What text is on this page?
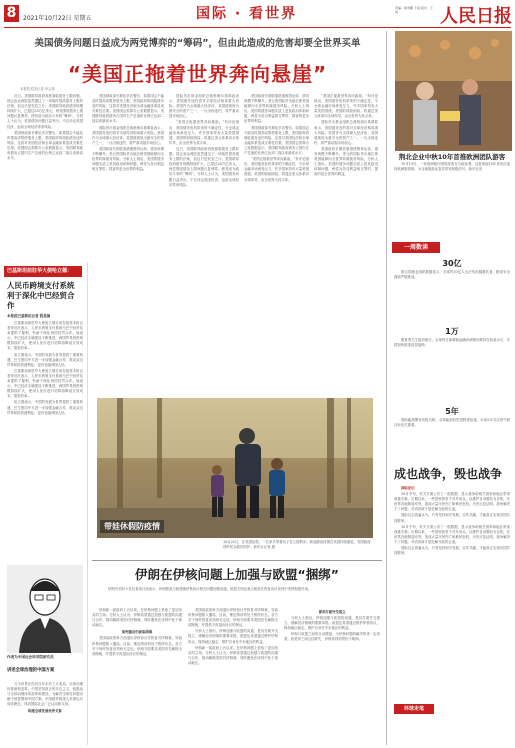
8	2021年10月22日 星期五	国际 · 看世界	责编：柴雪鹏 王雨 版式：王雨	人民日报
美国债务问题日益成为两党博弈的“筹码”，但由此造成的危害却要全世界买单
“美国正拖着世界奔向悬崖”
本报驻美国记者 李志伟

近日，美国联邦政府再度面临债务上限问题。国会参众两院虽然通过了一项临时提高债务上限的法案，但这只是权宜之计。美国联邦政府债务规模持续扩大，已超过28万亿美元。两党围绕债务上限问题反复博弈，使其成为政治斗争的“筹码”。分析人士认为，美国债务问题日益突出，不仅冲击美国经济，也给全球经济带来风险。

美国财政部长耶伦多次警告，如果国会不能及时提高或暂停债务上限，美国政府将面临债务违约风险，这将对美国经济和全球金融体系造成灾难性后果。美国国会预算办公室数据显示，美国联邦政府债务占国内生产总值的比例已达到二战以来最高水平。

美国财政部长耶伦多次警告，如果国会不能及时提高或暂停债务上限，美国政府将面临债务违约风险，这将对美国经济和全球金融体系造成灾难性后果。美国国会预算办公室数据显示，美国联邦政府债务占国内生产总值的比例已达到二战以来最高水平。

国际货币基金组织总裁格奥尔基耶娃表示，美国债务违约将对全球经济构成重大风险。美国作为全球最大经济体，其国债被视为最安全的资产之一，一旦出现违约，将严重动摇市场信心。

美国政府长期依靠借债维持运转，债务规模不断攀升。美元的国际货币地位使美国能够向全世界转嫁债务风险。分析人士指出，美国的债务问题实质上是其政治体制问题，两党为各自利益相互掣肘，损害的是全世界的利益。

国际货币基金组织总裁格奥尔基耶娃表示，美国债务违约将对全球经济构成重大风险。美国作为全球最大经济体，其国债被视为最安全的资产之一，一旦出现违约，将严重动摇市场信心。

“美国正拖着世界奔向悬崖。”有评论指出，美国债务危机带来的不确定性，令全球金融市场承受压力。许多国家持有大量美国国债，美国的财政困局，将通过美元体系向全球传导，由全世界为其买单。

近日，美国联邦政府再度面临债务上限问题。国会参众两院虽然通过了一项临时提高债务上限的法案，但这只是权宜之计。美国联邦政府债务规模持续扩大，已超过28万亿美元。两党围绕债务上限问题反复博弈，使其成为政治斗争的“筹码”。分析人士认为，美国债务问题日益突出，不仅冲击美国经济，也给全球经济带来风险。

美国政府长期依靠借债维持运转，债务规模不断攀升。美元的国际货币地位使美国能够向全世界转嫁债务风险。分析人士指出，美国的债务问题实质上是其政治体制问题，两党为各自利益相互掣肘，损害的是全世界的利益。

美国财政部长耶伦多次警告，如果国会不能及时提高或暂停债务上限，美国政府将面临债务违约风险，这将对美国经济和全球金融体系造成灾难性后果。美国国会预算办公室数据显示，美国联邦政府债务占国内生产总值的比例已达到二战以来最高水平。

“美国正拖着世界奔向悬崖。”有评论指出，美国债务危机带来的不确定性，令全球金融市场承受压力。许多国家持有大量美国国债，美国的财政困局，将通过美元体系向全球传导，由全世界为其买单。

“美国正拖着世界奔向悬崖。”有评论指出，美国债务危机带来的不确定性，令全球金融市场承受压力。许多国家持有大量美国国债，美国的财政困局，将通过美元体系向全球传导，由全世界为其买单。

国际货币基金组织总裁格奥尔基耶娃表示，美国债务违约将对全球经济构成重大风险。美国作为全球最大经济体，其国债被视为最安全的资产之一，一旦出现违约，将严重动摇市场信心。

美国政府长期依靠借债维持运转，债务规模不断攀升。美元的国际货币地位使美国能够向全世界转嫁债务风险。分析人士指出，美国的债务问题实质上是其政治体制问题，两党为各自利益相互掣肘，损害的是全世界的利益。

巴基斯坦前驻华大使哈立德：
人民币跨境支付系统利于深化中巴经贸合作
本报驻巴基斯坦记者 程是颉

巴基斯坦前驻华大使哈立德日前在接受本报记者采访时表示，人民币跨境支付系统为巴中经贸往来提供了便利，有助于深化两国经贸合作。他表示，中巴经济走廊建设不断推进，两国贸易投资规模持续扩大，使用人民币进行结算将降低交易成本，提高效率。

哈立德表示，中国的发展为世界提供了重要机遇，巴方愿同中方进一步加强金融合作，推动双边贸易和投资便利化，更好造福两国人民。

巴基斯坦前驻华大使哈立德日前在接受本报记者采访时表示，人民币跨境支付系统为巴中经贸往来提供了便利，有助于深化两国经贸合作。他表示，中巴经济走廊建设不断推进，两国贸易投资规模持续扩大，使用人民币进行结算将降低交易成本，提高效率。

哈立德表示，中国的发展为世界提供了重要机遇，巴方愿同中方进一步加强金融合作，推动双边贸易和投资便利化，更好造福两国人民。

带娃休假防疫情
10月21日，在英国伦敦，一名家长带着孩子在公园散步。新冠肺炎疫情在英国持续蔓延，英国政府呼吁民众做好防护。新华社记者 摄
荆北企业中秋10年首推欧洲团队游客

10月19日，一家欧洲旅行团的游客在当地参观。这是该地10年来首次接待欧洲旅游团，为当地旅游业复苏带来积极信号。新华社发

一周数读
30亿

联合国粮农组织数据显示，全球约30亿人无法负担健康饮食，粮食安全面临严峻挑战。

1万

据世界卫生组织统计，全球每日新增新冠确诊病例仍维持在较高水平，多国加快推进疫苗接种。

5年

国际能源署发布报告称，全球能源转型进程需加速，未来5年对实现气候目标至关重要。

成也战争，毁也战争

国际论坛

10月中旬，有关方面公布了一组数据，显示战争给相关国家和地区带来深重灾难。长期以来，一些国家热衷于对外用兵，以维护自身霸权为目的，在世界各地制造冲突，造成大量平民伤亡和难民危机。历史反复证明，战争解决不了问题，对话协商才是化解分歧的正道。

国际社会普遍认为，只有坚持和平发展、合作共赢，才能真正实现各国共同繁荣。

10月中旬，有关方面公布了一组数据，显示战争给相关国家和地区带来深重灾难。长期以来，一些国家热衷于对外用兵，以维护自身霸权为目的，在世界各地制造冲突，造成大量平民伤亡和难民危机。历史反复证明，战争解决不了问题，对话协商才是化解分歧的正道。

国际社会普遍认为，只有坚持和平发展、合作共赢，才能真正实现各国共同繁荣。

环球走笔
伊朗在伊核问题上加强与欧盟“捆绑”
伊朗外长阿卜杜拉希扬日前表示，伊朗愿意与欧盟就伊核协议相关问题加强沟通，欧盟方面也表示愿意在恢复协议谈判中发挥积极作用。

伊朗新一届政府上台以来，在伊核问题上采取了更加务实的立场。分析人士认为，伊朗希望通过加强与欧盟的沟通与合作，推动解除美国对伊制裁，同时避免在谈判中处于被动地位。

谈判重启仍面临困难

美国前政府单方面退出伊核协议并恢复对伊制裁，导致伊核问题陷入僵局。目前，维也纳谈判处于暂停状态，各方对于何时恢复谈判尚无定论。伊朗方面要求美国首先解除全部制裁，并提供不再退出协议的保证。

美国前政府单方面退出伊核协议并恢复对伊制裁，导致伊核问题陷入僵局。目前，维也纳谈判处于暂停状态，各方对于何时恢复谈判尚无定论。伊朗方面要求美国首先解除全部制裁，并提供不再退出协议的保证。

分析人士指出，伊朗加强与欧盟的沟通，是其打破外交孤立、缓解经济困境的重要举措。欧盟也希望通过维护伊核协议，保持地区稳定，维护自身在中东地区的利益。

伊朗新一届政府上台以来，在伊核问题上采取了更加务实的立场。分析人士认为，伊朗希望通过加强与欧盟的沟通与合作，推动解除美国对伊制裁，同时避免在谈判中处于被动地位。

谋求打破外交孤立

分析人士指出，伊朗加强与欧盟的沟通，是其打破外交孤立、缓解经济困境的重要举措。欧盟也希望通过维护伊核协议，保持地区稳定，维护自身在中东地区的利益。

伊朗与欧盟之间的互动增加，为伊核问题的解决带来一定希望。但美伊之间互信缺失，伊核谈判前景仍不明朗。

作者为中国社会科学院研究员
讲述全球治理的中国方案

当今世界正经历百年未有之大变局，全球治理体系深刻变革。中国坚持真正的多边主义，积极参与全球治理体系改革和建设，为解决全球性问题贡献中国智慧和中国方案。中国倡导构建人类命运共同体理念，得到国际社会广泛认同和支持。

构建全球发展伙伴关系
